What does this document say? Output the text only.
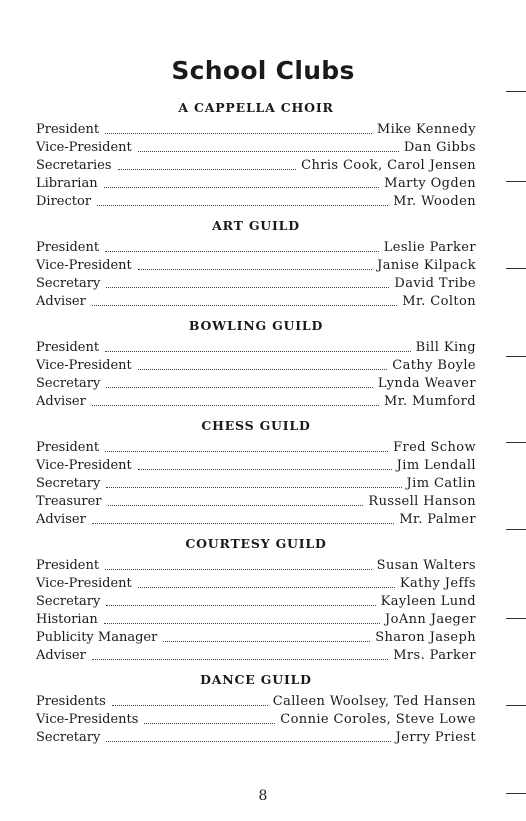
School Clubs
A CAPPELLA CHOIR
President	Mike Kennedy
Vice-President	Dan Gibbs
Secretaries	Chris Cook, Carol Jensen
Librarian	Marty Ogden
Director	Mr. Wooden
ART GUILD
President	Leslie Parker
Vice-President	Janise Kilpack
Secretary	David Tribe
Adviser	Mr. Colton
BOWLING GUILD
President	Bill King
Vice-President	Cathy Boyle
Secretary	Lynda Weaver
Adviser	Mr. Mumford
CHESS GUILD
President	Fred Schow
Vice-President	Jim Lendall
Secretary	Jim Catlin
Treasurer	Russell Hanson
Adviser	Mr. Palmer
COURTESY GUILD
President	Susan Walters
Vice-President	Kathy Jeffs
Secretary	Kayleen Lund
Historian	JoAnn Jaeger
Publicity Manager	Sharon Jaseph
Adviser	Mrs. Parker
DANCE GUILD
Presidents	Calleen Woolsey, Ted Hansen
Vice-Presidents	Connie Coroles, Steve Lowe
Secretary	Jerry Priest
8
